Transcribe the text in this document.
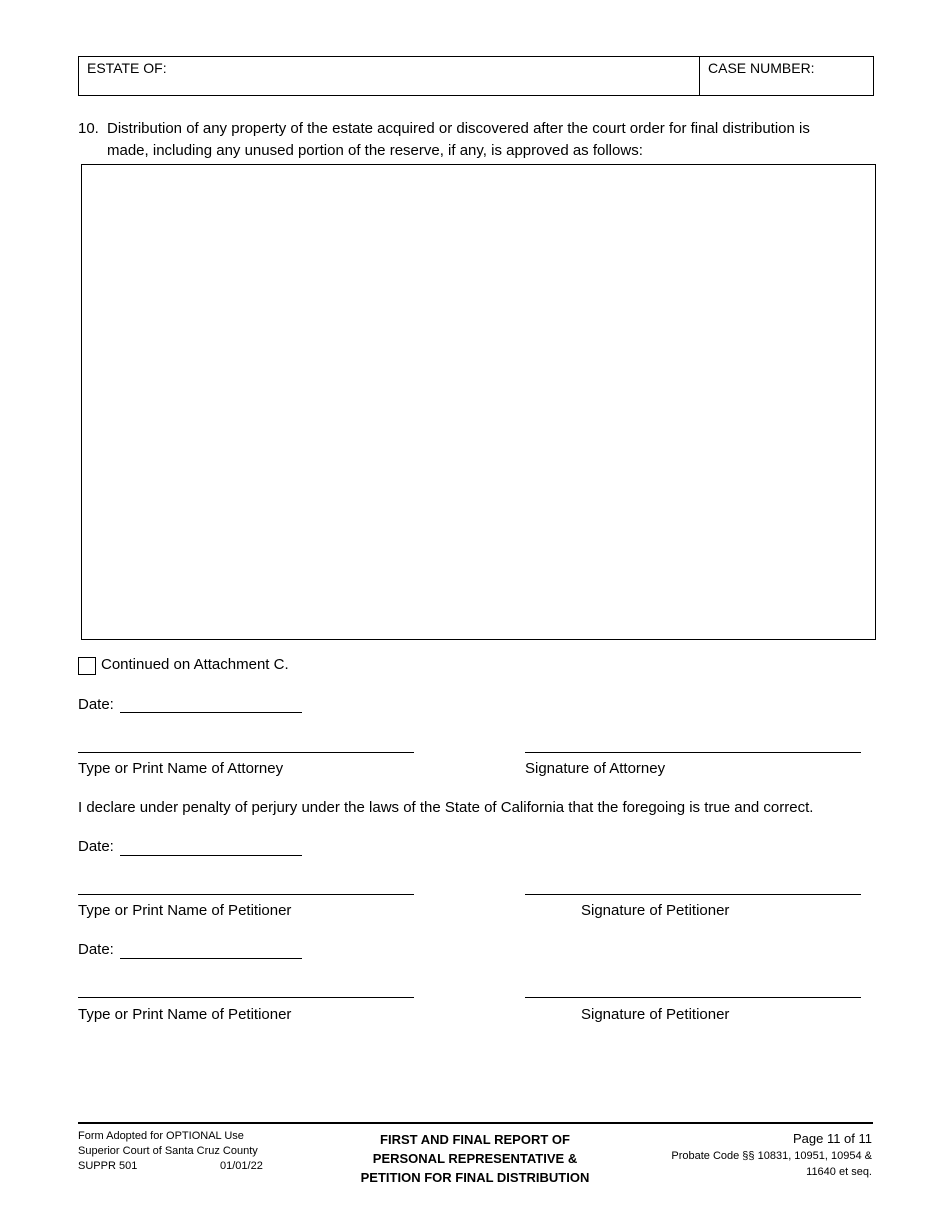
ESTATE OF:	CASE NUMBER:
10. Distribution of any property of the estate acquired or discovered after the court order for final distribution is
made, including any unused portion of the reserve, if any, is approved as follows:
Continued on Attachment C.
Date:
Type or Print Name of Attorney	Signature of Attorney
I declare under penalty of perjury under the laws of the State of California that the foregoing is true and correct.
Date:
Type or Print Name of Petitioner	Signature of Petitioner
Date:
Type or Print Name of Petitioner	Signature of Petitioner
Form Adopted for OPTIONAL Use
Superior Court of Santa Cruz County
SUPPR 501	01/01/22
FIRST AND FINAL REPORT OF
PERSONAL REPRESENTATIVE &
PETITION FOR FINAL DISTRIBUTION
Page 11 of 11
Probate Code §§ 10831, 10951, 10954 &
11640 et seq.
